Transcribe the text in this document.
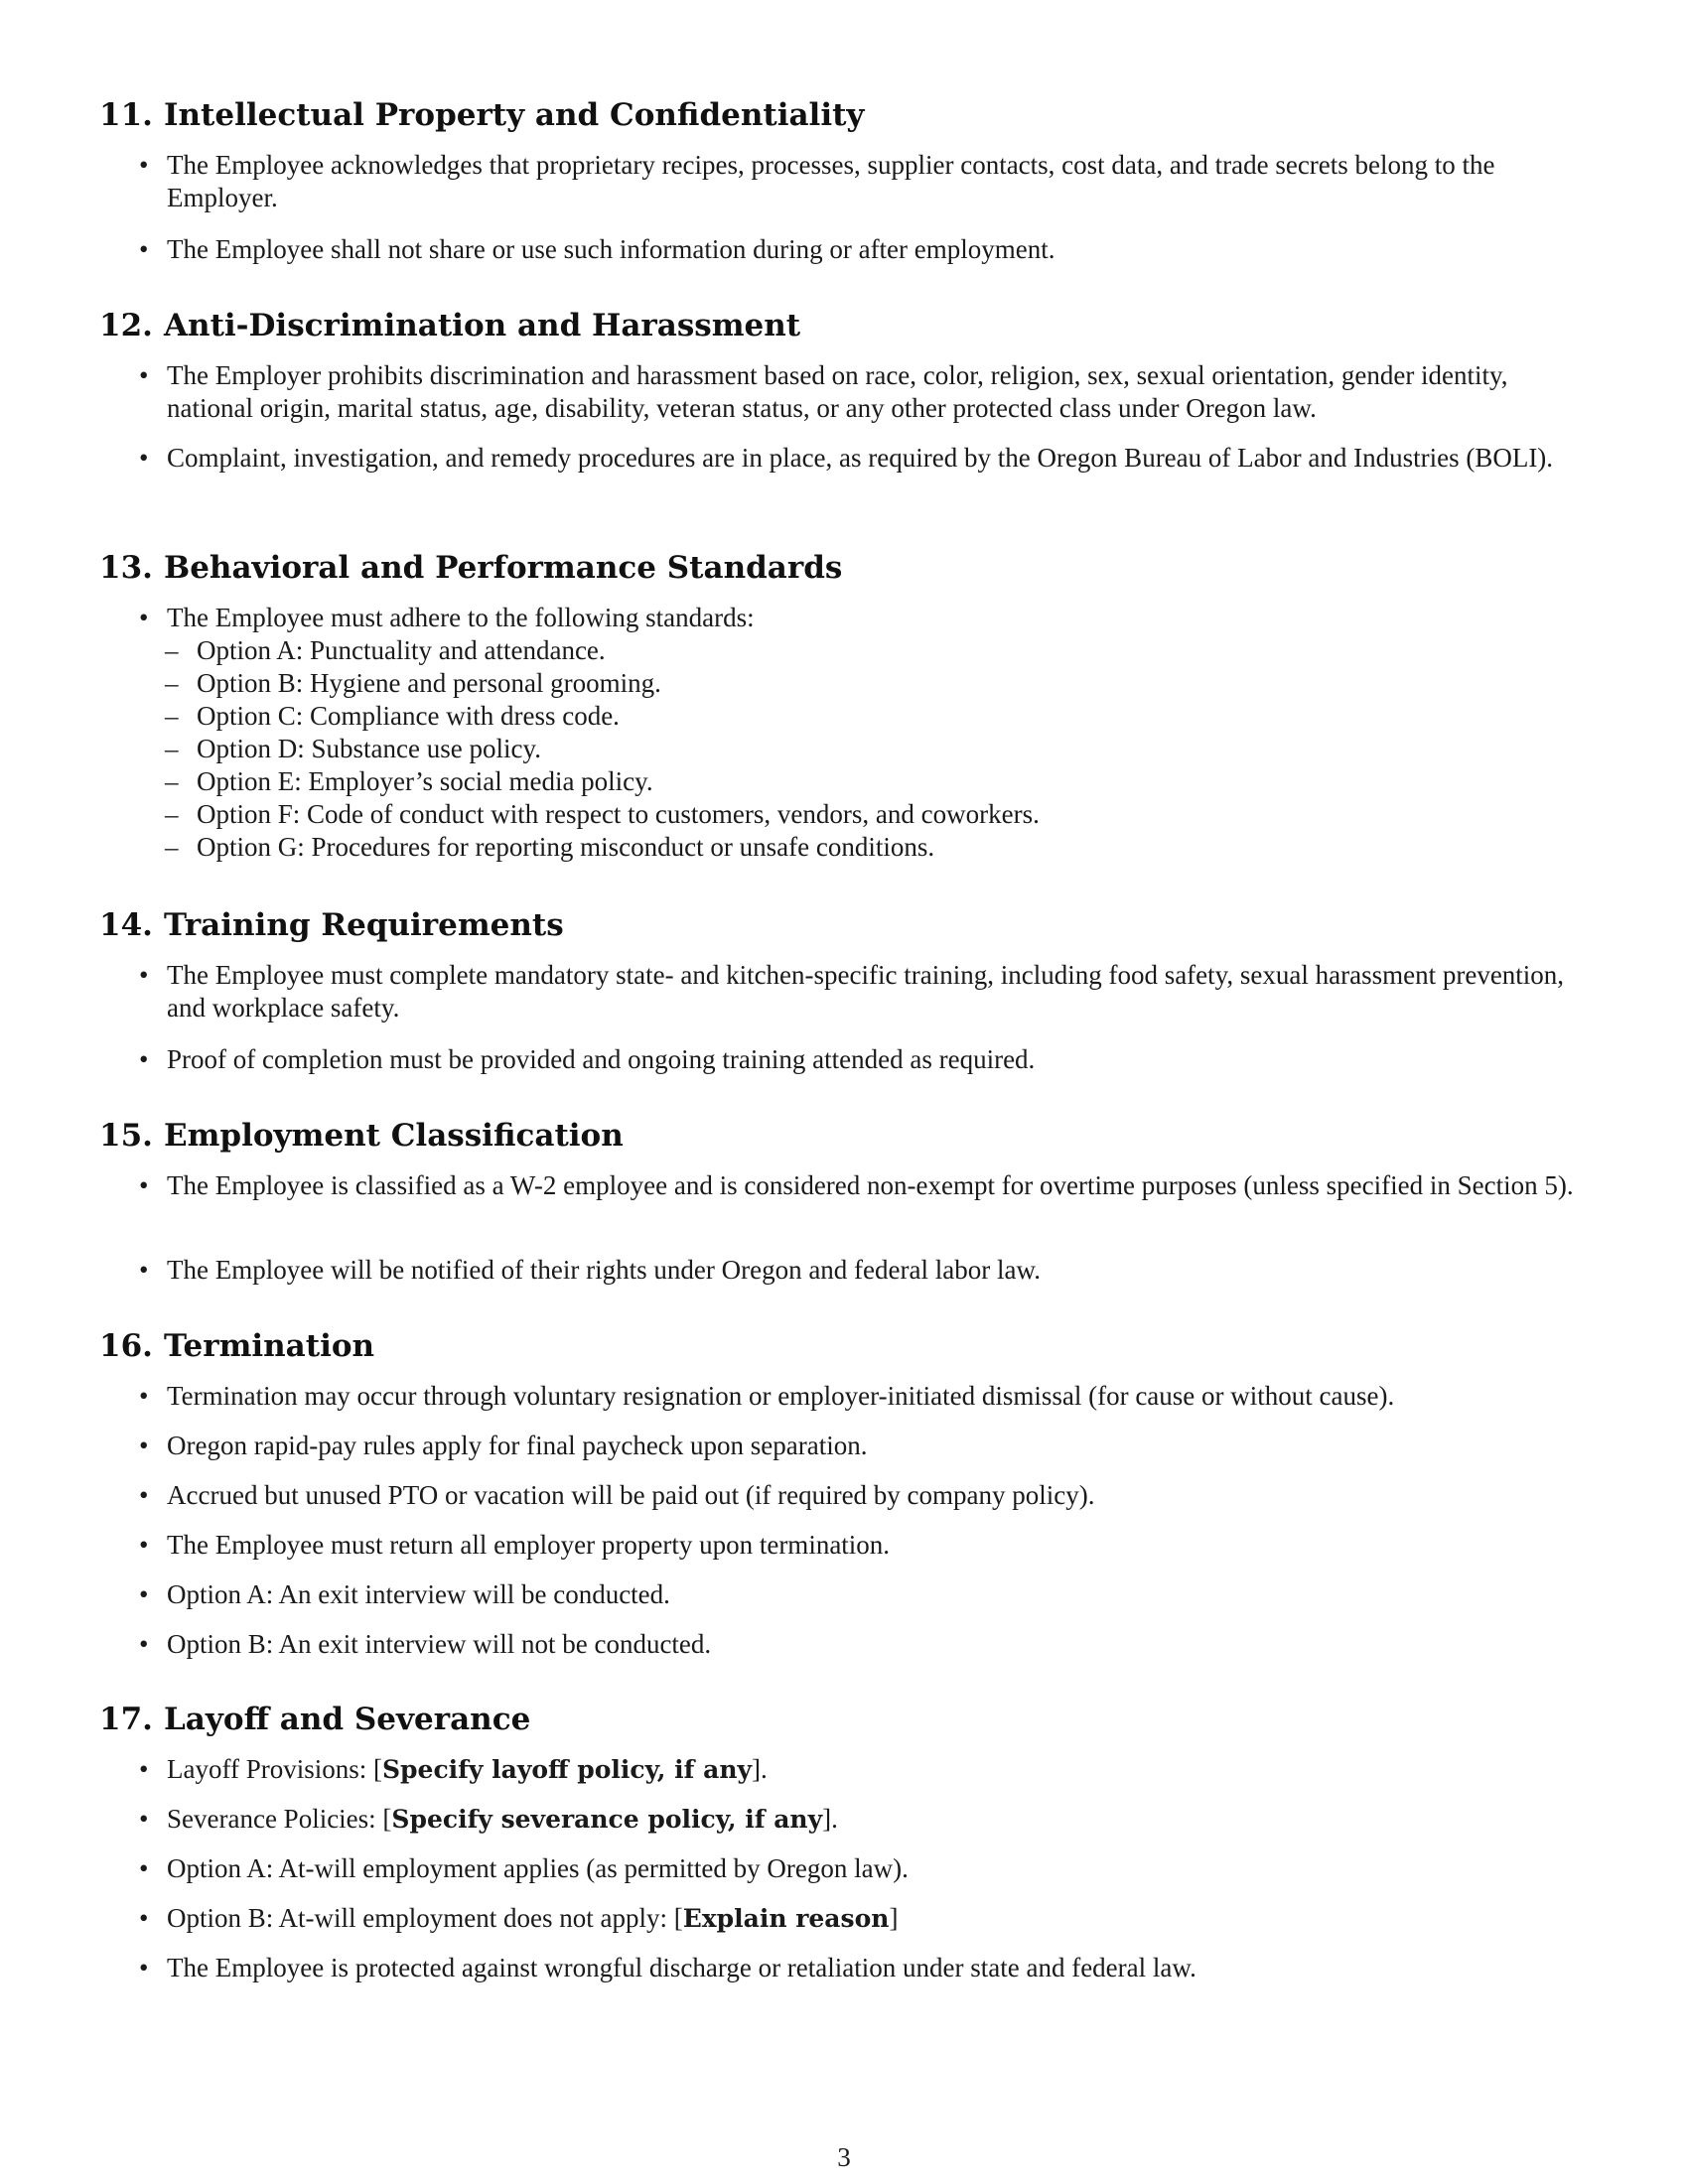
11. Intellectual Property and Confidentiality
• The Employee acknowledges that proprietary recipes, processes, supplier contacts, cost data, and trade secrets belong to the Employer.
• The Employee shall not share or use such information during or after employment.
12. Anti-Discrimination and Harassment
• The Employer prohibits discrimination and harassment based on race, color, religion, sex, sexual orientation, gender identity, national origin, marital status, age, disability, veteran status, or any other protected class under Oregon law.
• Complaint, investigation, and remedy procedures are in place, as required by the Oregon Bureau of Labor and Industries (BOLI).
13. Behavioral and Performance Standards
• The Employee must adhere to the following standards:
– Option A: Punctuality and attendance.
– Option B: Hygiene and personal grooming.
– Option C: Compliance with dress code.
– Option D: Substance use policy.
– Option E: Employer’s social media policy.
– Option F: Code of conduct with respect to customers, vendors, and coworkers.
– Option G: Procedures for reporting misconduct or unsafe conditions.
14. Training Requirements
• The Employee must complete mandatory state- and kitchen-specific training, including food safety, sexual harassment prevention, and workplace safety.
• Proof of completion must be provided and ongoing training attended as required.
15. Employment Classification
• The Employee is classified as a W-2 employee and is considered non-exempt for overtime purposes (unless specified in Section 5).
• The Employee will be notified of their rights under Oregon and federal labor law.
16. Termination
• Termination may occur through voluntary resignation or employer-initiated dismissal (for cause or without cause).
• Oregon rapid-pay rules apply for final paycheck upon separation.
• Accrued but unused PTO or vacation will be paid out (if required by company policy).
• The Employee must return all employer property upon termination.
• Option A: An exit interview will be conducted.
• Option B: An exit interview will not be conducted.
17. Layoff and Severance
• Layoff Provisions: [Specify layoff policy, if any].
• Severance Policies: [Specify severance policy, if any].
• Option A: At-will employment applies (as permitted by Oregon law).
• Option B: At-will employment does not apply: [Explain reason]
• The Employee is protected against wrongful discharge or retaliation under state and federal law.
3
